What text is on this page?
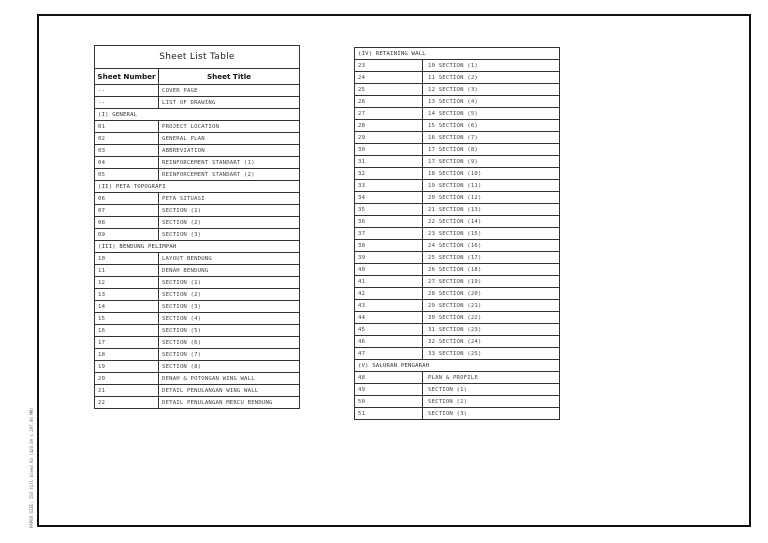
PAPER SIZE: ISO full bleed A3 (420.00 x 297.00 MM)
Sheet List Table	
Sheet Number	Sheet Title
--	COVER PAGE
--	LIST OF DRAWING
(I) GENERAL	
01	PROJECT LOCATION
02	GENERAL PLAN
03	ABBREVIATION
04	REINFORCEMENT STANDART (1)
05	REINFORCEMENT STANDART (2)
(II) PETA TOPOGRAFI	
06	PETA SITUASI
07	SECTION (1)
08	SECTION (2)
09	SECTION (3)
(III) BENDUNG PELIMPAH	
10	LAYOUT BENDUNG
11	DENAH BENDUNG
12	SECTION (1)
13	SECTION (2)
14	SECTION (3)
15	SECTION (4)
16	SECTION (5)
17	SECTION (6)
18	SECTION (7)
19	SECTION (8)
20	DENAH & POTONGAN WING WALL
21	DETAIL PENULANGAN WING WALL
22	DETAIL PENULANGAN MERCU BENDUNG
(IV) RETAINING WALL	
23	10 SECTION (1)
24	11 SECTION (2)
25	12 SECTION (3)
26	13 SECTION (4)
27	14 SECTION (5)
28	15 SECTION (6)
29	16 SECTION (7)
30	17 SECTION (8)
31	17 SECTION (9)
32	18 SECTION (10)
33	19 SECTION (11)
34	20 SECTION (12)
35	21 SECTION (13)
36	22 SECTION (14)
37	23 SECTION (15)
38	24 SECTION (16)
39	25 SECTION (17)
40	26 SECTION (18)
41	27 SECTION (19)
42	28 SECTION (20)
43	29 SECTION (21)
44	30 SECTION (22)
45	31 SECTION (23)
46	32 SECTION (24)
47	33 SECTION (25)
(V) SALURAN PENGARAH	
48	PLAN & PROFILE
49	SECTION (1)
50	SECTION (2)
51	SECTION (3)
